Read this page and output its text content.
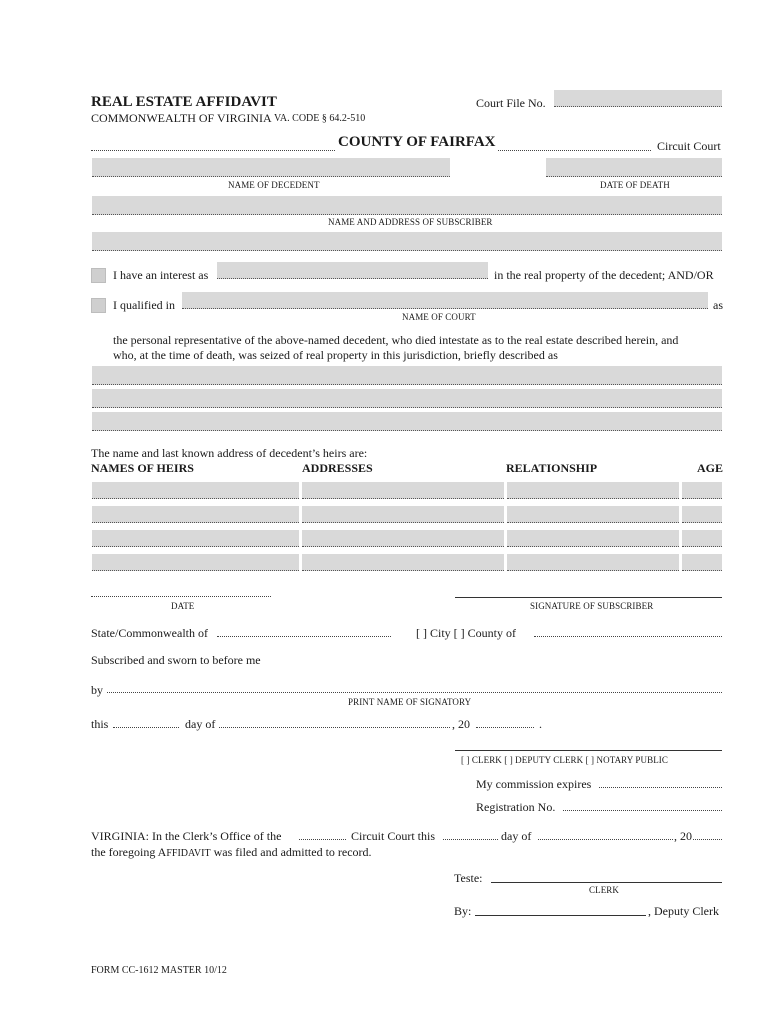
REAL ESTATE AFFIDAVIT
COMMONWEALTH OF VIRGINIA VA. CODE § 64.2-510
Court File No.
COUNTY OF FAIRFAX	Circuit Court
NAME OF DECEDENT	DATE OF DEATH
NAME AND ADDRESS OF SUBSCRIBER
I have an interest as	in the real property of the decedent; AND/OR
I qualified in	as
NAME OF COURT
the personal representative of the above-named decedent, who died intestate as to the real estate described herein, and
who, at the time of death, was seized of real property in this jurisdiction, briefly described as
The name and last known address of decedent’s heirs are:
NAMES OF HEIRS	ADDRESSES	RELATIONSHIP	AGE
DATE	SIGNATURE OF SUBSCRIBER
State/Commonwealth of	[ ] City [ ] County of
Subscribed and sworn to before me
by
PRINT NAME OF SIGNATORY
this	day of	, 20	.
[ ] CLERK [ ] DEPUTY CLERK [ ] NOTARY PUBLIC
My commission expires
Registration No.
VIRGINIA: In the Clerk’s Office of the	Circuit Court this	day of	, 20
the foregoing AFFIDAVIT was filed and admitted to record.
Teste:
CLERK
By:	, Deputy Clerk
FORM CC-1612 MASTER 10/12
